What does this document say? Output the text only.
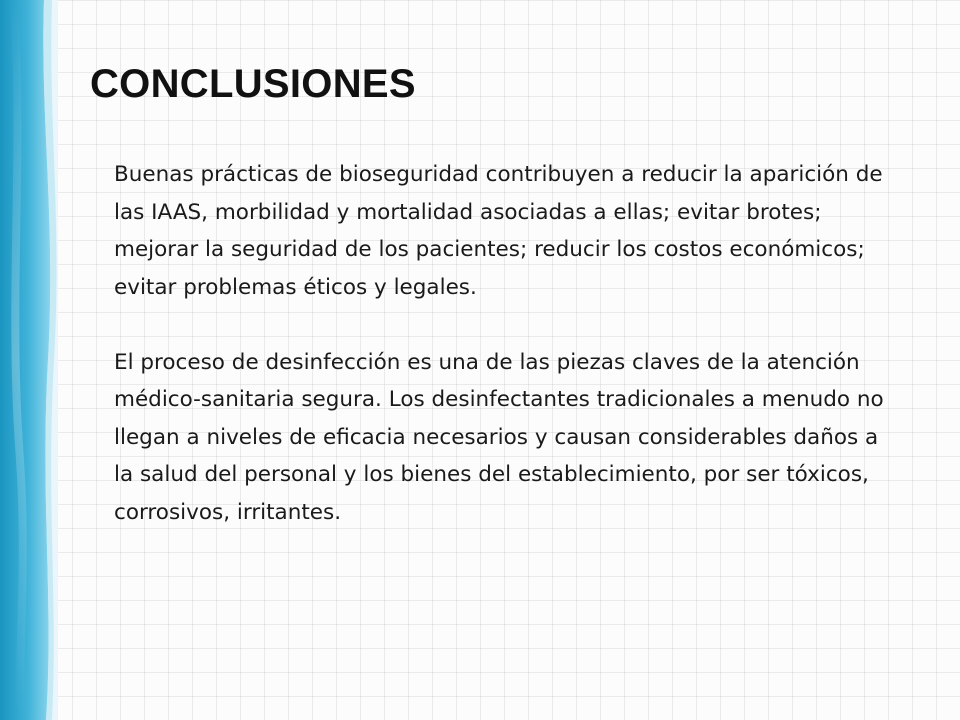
CONCLUSIONES

Buenas prácticas de bioseguridad contribuyen a reducir la aparición de las IAAS, morbilidad y mortalidad asociadas a ellas; evitar brotes; mejorar la seguridad de los pacientes; reducir los costos económicos; evitar problemas éticos y legales.

El proceso de desinfección es una de las piezas claves de la atención médico-sanitaria segura. Los desinfectantes tradicionales a menudo no llegan a niveles de eficacia necesarios y causan considerables daños a la salud del personal y los bienes del establecimiento, por ser tóxicos, corrosivos, irritantes.
